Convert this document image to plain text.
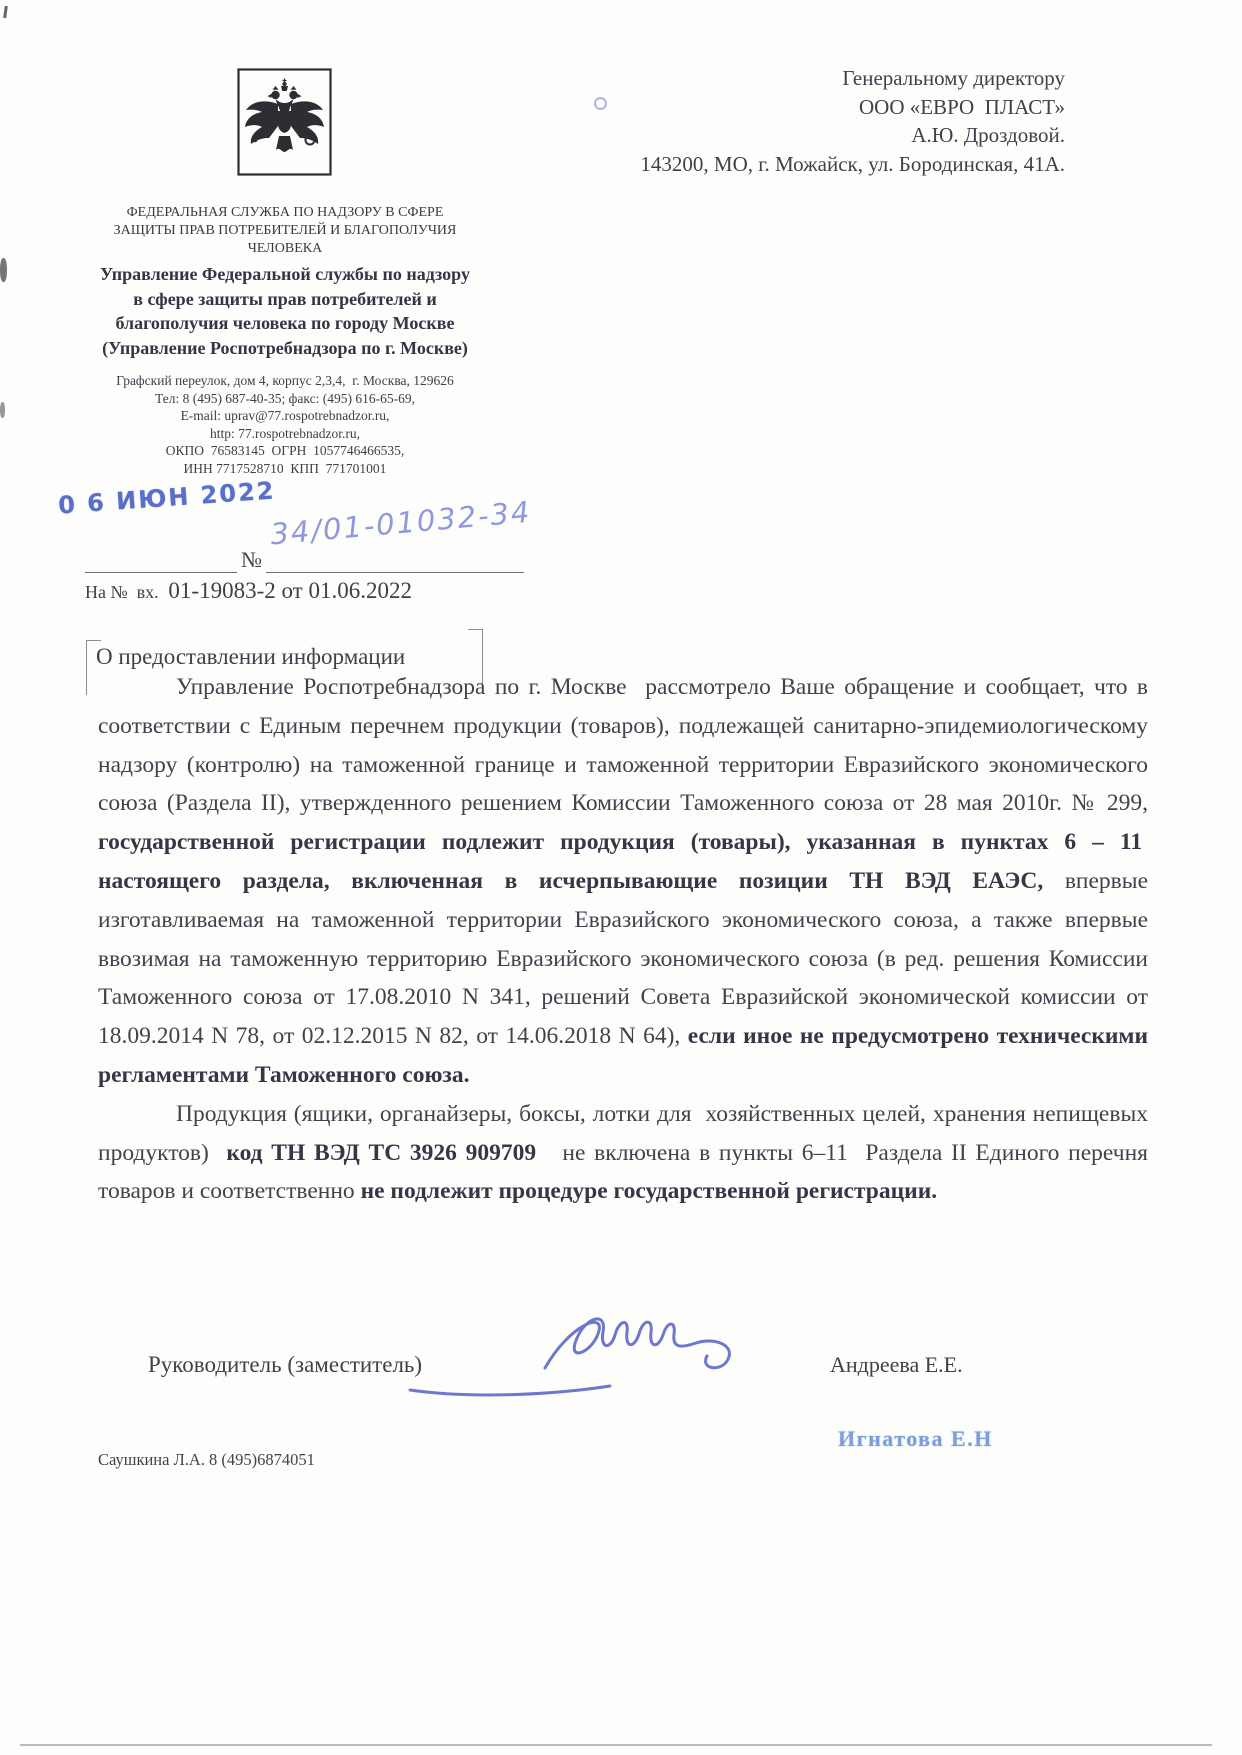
Генеральному директору
ООО «ЕВРО  ПЛАСТ»
А.Ю. Дроздовой.
143200, МО, г. Можайск, ул. Бородинская, 41А.
ФЕДЕРАЛЬНАЯ СЛУЖБА ПО НАДЗОРУ В СФЕРЕ
ЗАЩИТЫ ПРАВ ПОТРЕБИТЕЛЕЙ И БЛАГОПОЛУЧИЯ
ЧЕЛОВЕКА
Управление Федеральной службы по надзору
в сфере защиты прав потребителей и
благополучия человека по городу Москве
(Управление Роспотребнадзора по г. Москве)
Графский переулок, дом 4, корпус 2,3,4,  г. Москва, 129626
Тел: 8 (495) 687-40-35; факс: (495) 616-65-69,
E-mail: uprav@77.rospotrebnadzor.ru,
http: 77.rospotrebnadzor.ru,
ОКПО  76583145  ОГРН  1057746466535,
ИНН 7717528710  КПП  771701001
0 6 ИЮН 2022
№
34/01-01032-34
На №  вх. 01-19083-2 от 01.06.2022
О предоставлении информации

Управление Роспотребнадзора по г. Москве  рассмотрело Ваше обращение и сообщает, что в соответствии с Единым перечнем продукции (товаров), подлежащей санитарно-эпидемиологическому надзору (контролю) на таможенной границе и таможенной территории Евразийского экономического союза (Раздела II), утвержденного решением Комиссии Таможенного союза от 28 мая 2010г. № 299, государственной регистрации подлежит продукция (товары), указанная в пунктах 6 – 11  настоящего раздела, включенная в исчерпывающие позиции ТН ВЭД ЕАЭС, впервые изготавливаемая на таможенной территории Евразийского экономического союза, а также впервые ввозимая на таможенную территорию Евразийского экономического союза (в ред. решения Комиссии Таможенного союза от 17.08.2010 N 341, решений Совета Евразийской экономической комиссии от 18.09.2014 N 78, от 02.12.2015 N 82, от 14.06.2018 N 64), если иное не предусмотрено техническими регламентами Таможенного союза.

Продукция (ящики, органайзеры, боксы, лотки для  хозяйственных целей, хранения непищевых продуктов)  код ТН ВЭД ТС 3926 909709   не включена в пункты 6–11  Раздела II Единого перечня товаров и соответственно не подлежит процедуре государственной регистрации.

Руководитель (заместитель)	Андреева Е.Е.
Игнатова Е.Н
Саушкина Л.А. 8 (495)6874051
